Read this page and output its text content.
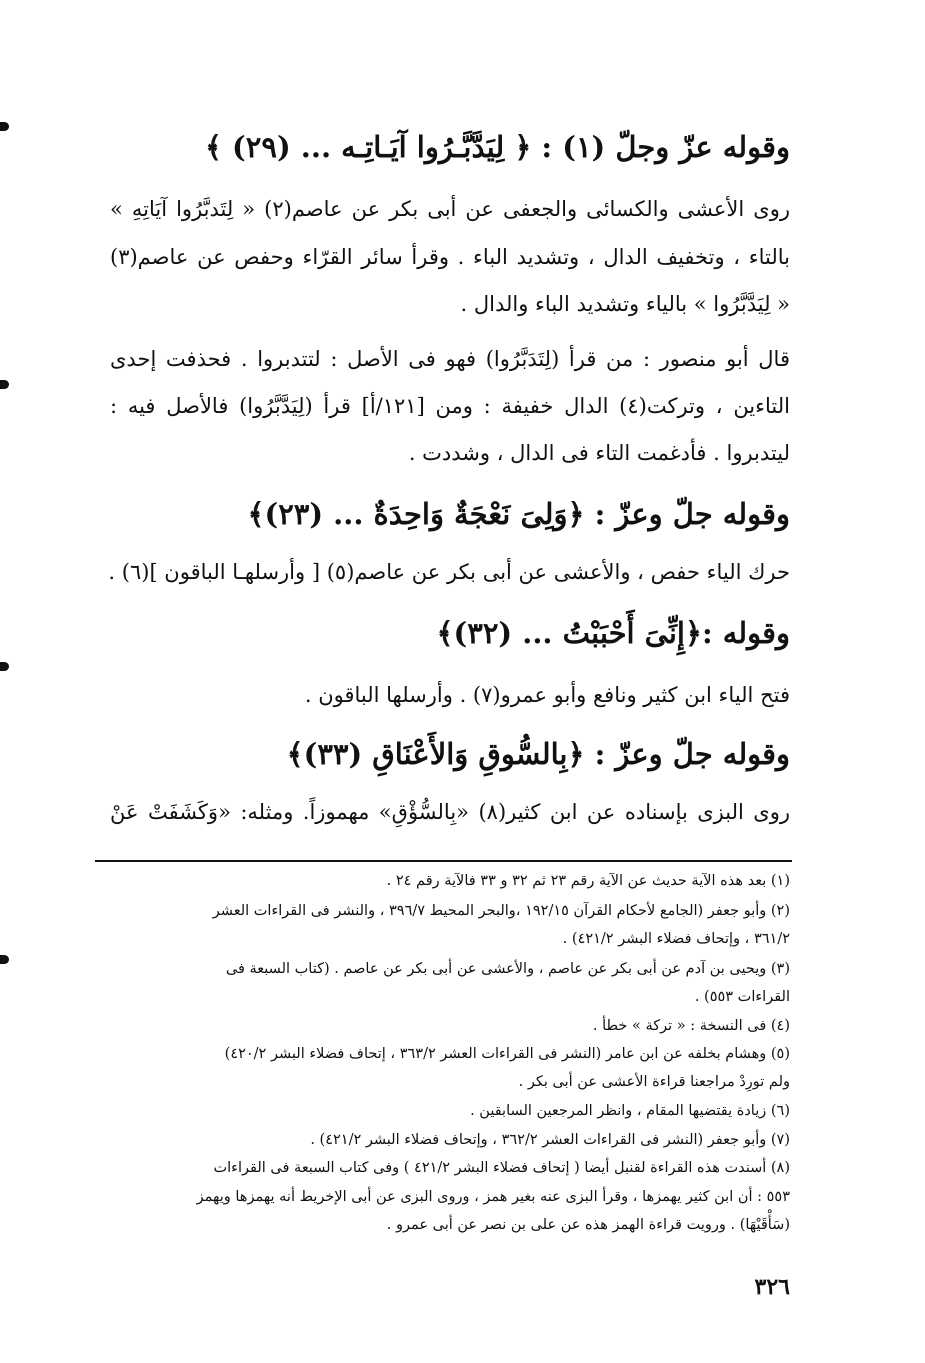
وقوله عزّ وجلّ (١) : ﴿ لِيَدَّبَّـرُوا آيَـاتِـه ... (٢٩) ﴾
روى الأعشى والكسائى والجعفى عن أبى بكر عن عاصم(٢) « لِتَدبَّرُوا آيَاتِهِ »
بالتاء ، وتخفيف الدال ، وتشديد الباء . وقرأ سائر القرّاء وحفص عن عاصم(٣)
« لِيَدَّبَّرُوا » بالياء وتشديد الباء والدال .
قال أبو منصور : من قرأ (لِتَدَبَّرُوا) فهو فى الأصل : لتتدبروا . فحذفت إحدى
التاءين ، وتركت(٤) الدال خفيفة : ومن [١٢١/أ] قرأ (لِيَدَّبَّرُوا) فالأصل فيه :
ليتدبروا . فأدغمت التاء فى الدال ، وشددت .
وقوله جلّ وعزّ : ﴿وَلِىَ نَعْجَةٌ وَاحِدَةٌ ... (٢٣)﴾
حرك الياء حفص ، والأعشى عن أبى بكر عن عاصم(٥) [ وأرسلهـا الباقون ](٦) .
وقوله :﴿إِنِّىَ أَحْبَبْتُ ... (٣٢)﴾
فتح الياء ابن كثير ونافع وأبو عمرو(٧) . وأرسلها الباقون .
وقوله جلّ وعزّ : ﴿بِالسُّوقِ وَالأَعْنَاقِ (٣٣)﴾
روى البزى بإسناده عن ابن كثير(٨) «بِالسُّؤْقِ» مهموزاً. ومثله: «وَكَشَفَتْ عَنْ
(١) بعد هذه الآية حديث عن الآية رقم ٢٣ ثم ٣٢ و ٣٣ فالآية رقم ٢٤ .
(٢) وأبو جعفر (الجامع لأحكام القرآن ١٩٢/١٥ ،والبحر المحيط ٣٩٦/٧ ، والنشر فى القراءات العشر
٣٦١/٢ ، وإتحاف فضلاء البشر ٤٢١/٢) .
(٣) ويحيى بن آدم عن أبى بكر عن عاصم ، والأعشى عن أبى بكر عن عاصم . (كتاب السبعة فى
القراءات ٥٥٣) .
(٤) فى النسخة : « تركة » خطأ .
(٥) وهشام بخلفه عن ابن عامر (النشر فى القراءات العشر ٣٦٣/٢ ، إتحاف فضلاء البشر ٤٢٠/٢)
ولم تورِدْ مراجعنا قراءة الأعشى عن أبى بكر .
(٦) زيادة يقتضيها المقام ، وانظر المرجعين السابقين .
(٧) وأبو جعفر (النشر فى القراءات العشر ٣٦٢/٢ ، وإتحاف فضلاء البشر ٤٢١/٢) .
(٨) أسندت هذه القراءة لقنبل أيضا ( إتحاف فضلاء البشر ٤٢١/٢ ) وفى كتاب السبعة فى القراءات
٥٥٣ : أن ابن كثير يهمزها ، وقرأ البزى عنه بغير همز ، وروى البزى عن أبى الإخريط أنه يهمزها ويهمز
(سَأْقَيْهَا) . ورويت قراءة الهمز هذه عن على بن نصر عن أبى عمرو .
٣٢٦
